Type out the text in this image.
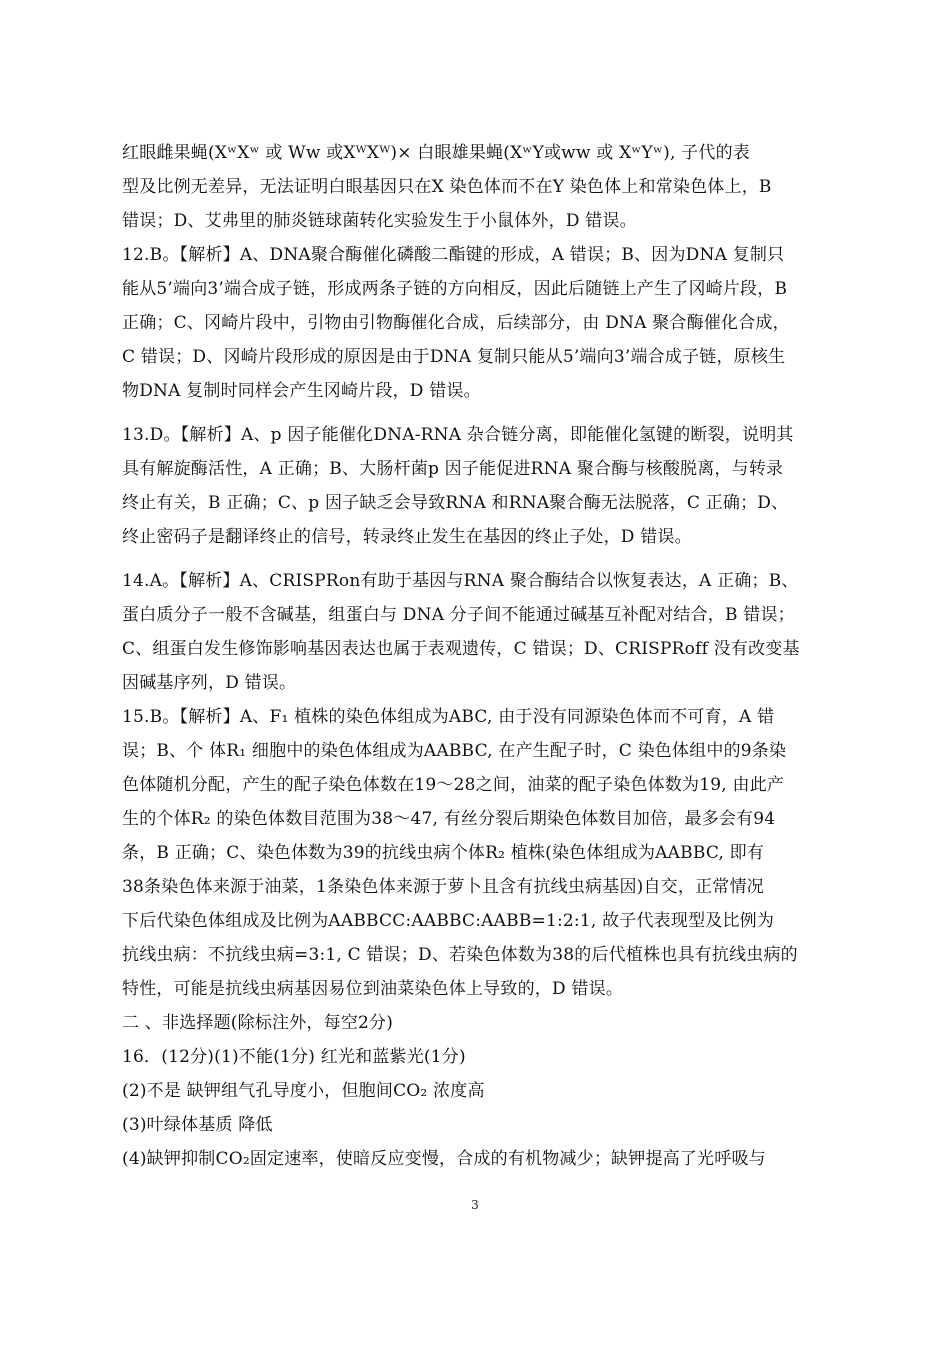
红眼雌果蝇(XʷXʷ 或 Ww 或XᵂXᵂ)× 白眼雄果蝇(XʷY或ww 或 XʷYʷ), 子代的表
型及比例无差异，无法证明白眼基因只在X 染色体而不在Y 染色体上和常染色体上，B
错误；D、艾弗里的肺炎链球菌转化实验发生于小鼠体外，D 错误。
12.B。【解析】A、DNA聚合酶催化磷酸二酯键的形成，A 错误；B、因为DNA 复制只
能从5’端向3’端合成子链，形成两条子链的方向相反，因此后随链上产生了冈崎片段，B
正确；C、冈崎片段中，引物由引物酶催化合成，后续部分，由 DNA 聚合酶催化合成，
C 错误；D、冈崎片段形成的原因是由于DNA 复制只能从5’端向3’端合成子链，原核生
物DNA 复制时同样会产生冈崎片段，D 错误。
13.D。【解析】A、p 因子能催化DNA-RNA 杂合链分离，即能催化氢键的断裂，说明其
具有解旋酶活性，A 正确；B、大肠杆菌p 因子能促进RNA 聚合酶与核酸脱离，与转录
终止有关，B 正确；C、p 因子缺乏会导致RNA 和RNA聚合酶无法脱落，C 正确；D、
终止密码子是翻译终止的信号，转录终止发生在基因的终止子处，D 错误。
14.A。【解析】A、CRISPRon有助于基因与RNA 聚合酶结合以恢复表达，A 正确；B、
蛋白质分子一般不含碱基，组蛋白与 DNA 分子间不能通过碱基互补配对结合，B 错误；
C、组蛋白发生修饰影响基因表达也属于表观遗传，C 错误；D、CRISPRoff 没有改变基
因碱基序列，D 错误。
15.B。【解析】A、F₁ 植株的染色体组成为ABC, 由于没有同源染色体而不可育，A 错
误；B、个 体R₁ 细胞中的染色体组成为AABBC, 在产生配子时，C 染色体组中的9条染
色体随机分配，产生的配子染色体数在19～28之间，油菜的配子染色体数为19, 由此产
生的个体R₂ 的染色体数目范围为38～47, 有丝分裂后期染色体数目加倍，最多会有94
条，B 正确；C、染色体数为39的抗线虫病个体R₂ 植株(染色体组成为AABBC, 即有
38条染色体来源于油菜，1条染色体来源于萝卜且含有抗线虫病基因)自交，正常情况
下后代染色体组成及比例为AABBCC:AABBC:AABB=1:2:1, 故子代表现型及比例为
抗线虫病：不抗线虫病=3:1, C 错误；D、若染色体数为38的后代植株也具有抗线虫病的
特性，可能是抗线虫病基因易位到油菜染色体上导致的，D 错误。
二 、非选择题(除标注外，每空2分)
16．(12分)(1)不能(1分) 红光和蓝紫光(1分)
(2)不是 缺钾组气孔导度小，但胞间CO₂ 浓度高
(3)叶绿体基质 降低
(4)缺钾抑制CO₂固定速率，使暗反应变慢，合成的有机物减少；缺钾提高了光呼吸与
3
